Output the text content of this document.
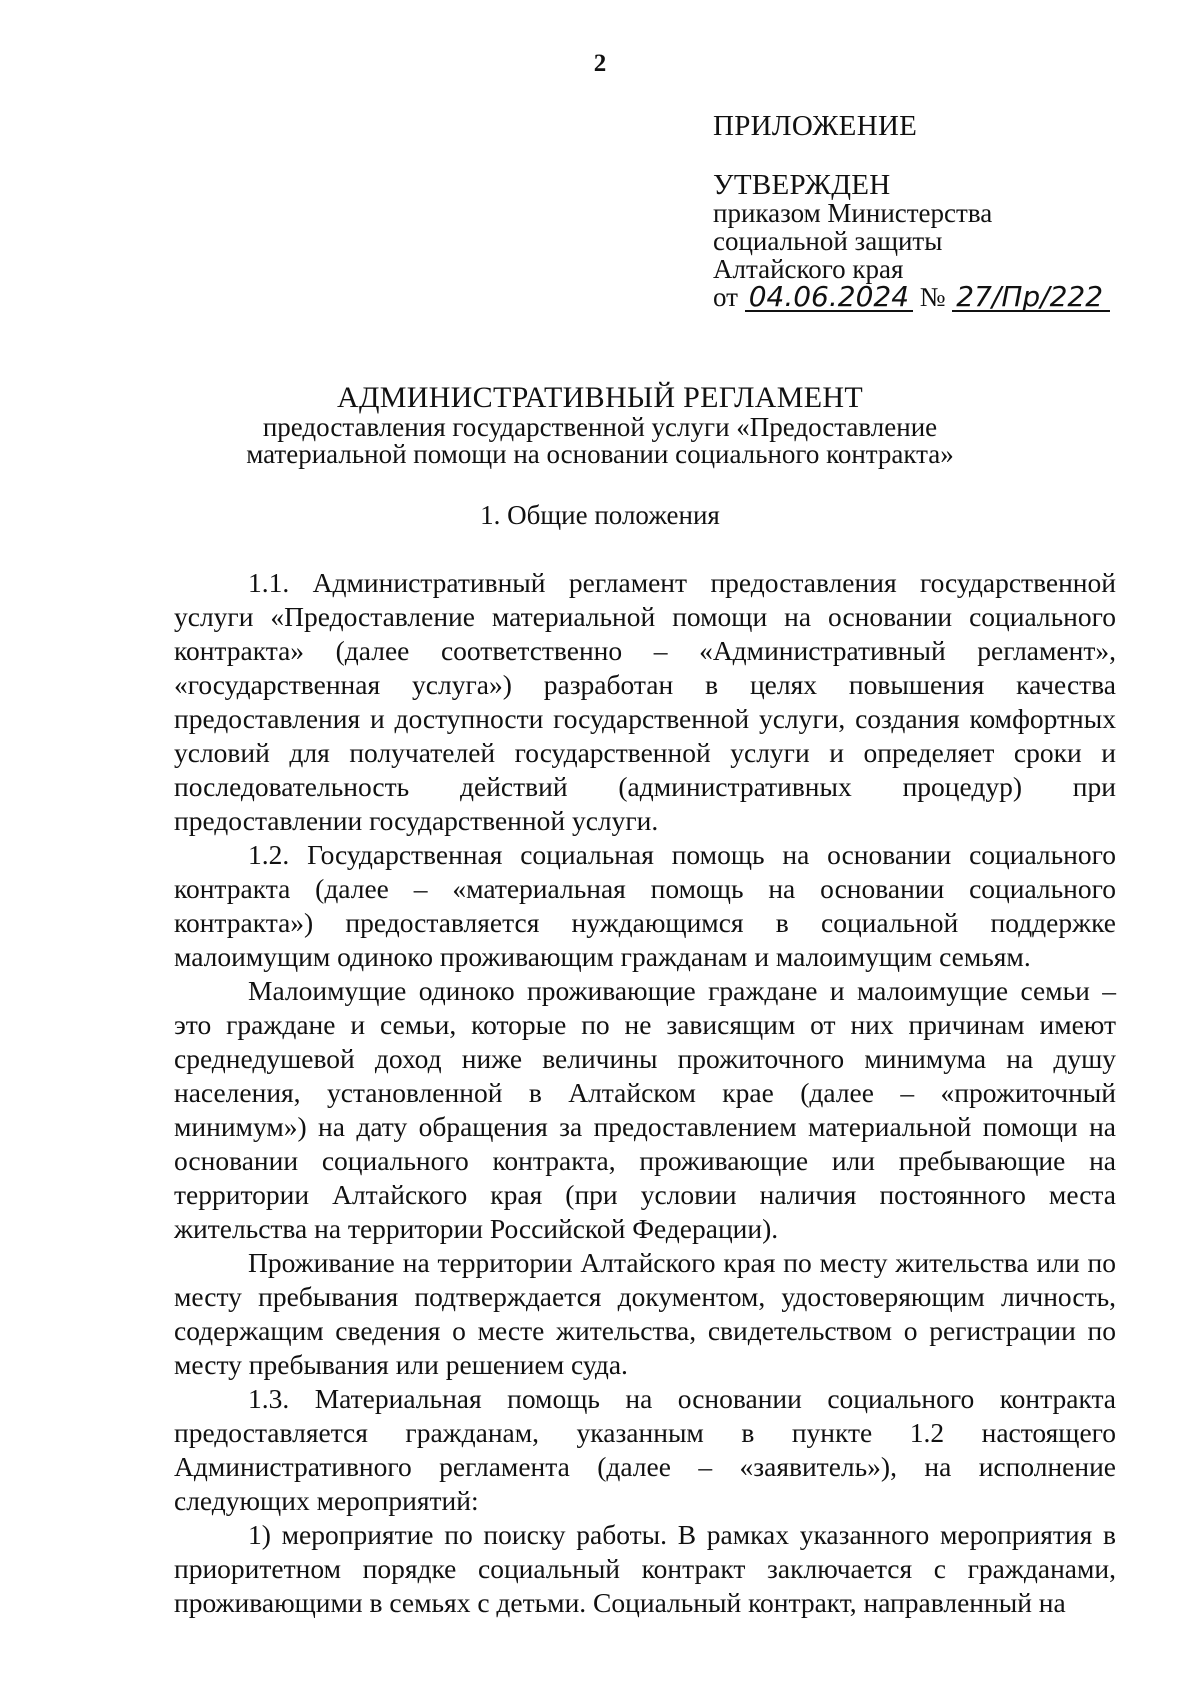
2
ПРИЛОЖЕНИЕ
УТВЕРЖДЕН
приказом Министерства
социальной защиты
Алтайского края
от 04.06.2024 № 27/Пр/222
АДМИНИСТРАТИВНЫЙ РЕГЛАМЕНТ
предоставления государственной услуги «Предоставление
материальной помощи на основании социального контракта»
1. Общие положения

1.1. Административный регламент предоставления государственной услуги «Предоставление материальной помощи на основании социального контракта» (далее соответственно – «Административный регламент», «государственная услуга») разработан в целях повышения качества предоставления и доступности государственной услуги, создания комфортных условий для получателей государственной услуги и определяет сроки и последовательность действий (административных процедур) при предоставлении государственной услуги.

1.2. Государственная социальная помощь на основании социального контракта (далее – «материальная помощь на основании социального контракта») предоставляется нуждающимся в социальной поддержке малоимущим одиноко проживающим гражданам и малоимущим семьям.

Малоимущие одиноко проживающие граждане и малоимущие семьи – это граждане и семьи, которые по не зависящим от них причинам имеют среднедушевой доход ниже величины прожиточного минимума на душу населения, установленной в Алтайском крае (далее – «прожиточный минимум») на дату обращения за предоставлением материальной помощи на основании социального контракта, проживающие или пребывающие на территории Алтайского края (при условии наличия постоянного места жительства на территории Российской Федерации).

Проживание на территории Алтайского края по месту жительства или по месту пребывания подтверждается документом, удостоверяющим личность, содержащим сведения о месте жительства, свидетельством о регистрации по месту пребывания или решением суда.

1.3. Материальная помощь на основании социального контракта предоставляется гражданам, указанным в пункте 1.2 настоящего Административного регламента (далее – «заявитель»), на исполнение следующих мероприятий:

1) мероприятие по поиску работы. В рамках указанного мероприятия в приоритетном порядке социальный контракт заключается с гражданами, проживающими в семьях с детьми. Социальный контракт, направленный на
